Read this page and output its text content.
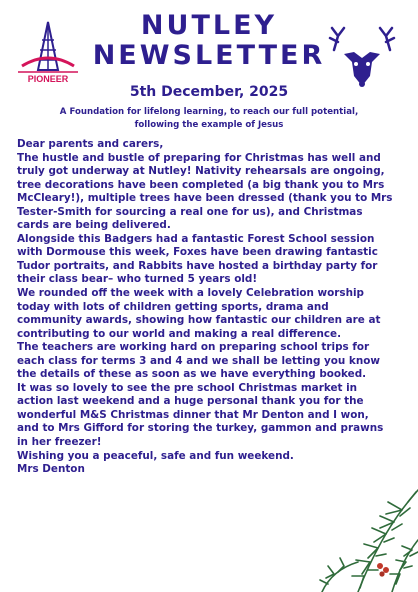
PIONEER
NUTLEY
NEWSLETTER
5th December, 2025
A Foundation for lifelong learning, to reach our full potential,
following the example of Jesus

Dear parents and carers,

The hustle and bustle of preparing for Christmas has well and

truly got underway at Nutley! Nativity rehearsals are ongoing,

tree decorations have been completed (a big thank you to Mrs

McCleary!), multiple trees have been dressed (thank you to Mrs

Tester-Smith for sourcing a real one for us), and Christmas

cards are being delivered.

Alongside this Badgers had a fantastic Forest School session

with Dormouse this week, Foxes have been drawing fantastic

Tudor portraits, and Rabbits have hosted a birthday party for

their class bear– who turned 5 years old!

We rounded off the week with a lovely Celebration worship

today with lots of children getting sports, drama and

community awards, showing how fantastic our children are at

contributing to our world and making a real difference.

The teachers are working hard on preparing school trips for

each class for terms 3 and 4 and we shall be letting you know

the details of these as soon as we have everything booked.

It was so lovely to see the pre school Christmas market in

action last weekend and a huge personal thank you for the

wonderful M&S Christmas dinner that Mr Denton and I won,

and to Mrs Gifford for storing the turkey, gammon and prawns

in her freezer!

Wishing you a peaceful, safe and fun weekend.

Mrs Denton
